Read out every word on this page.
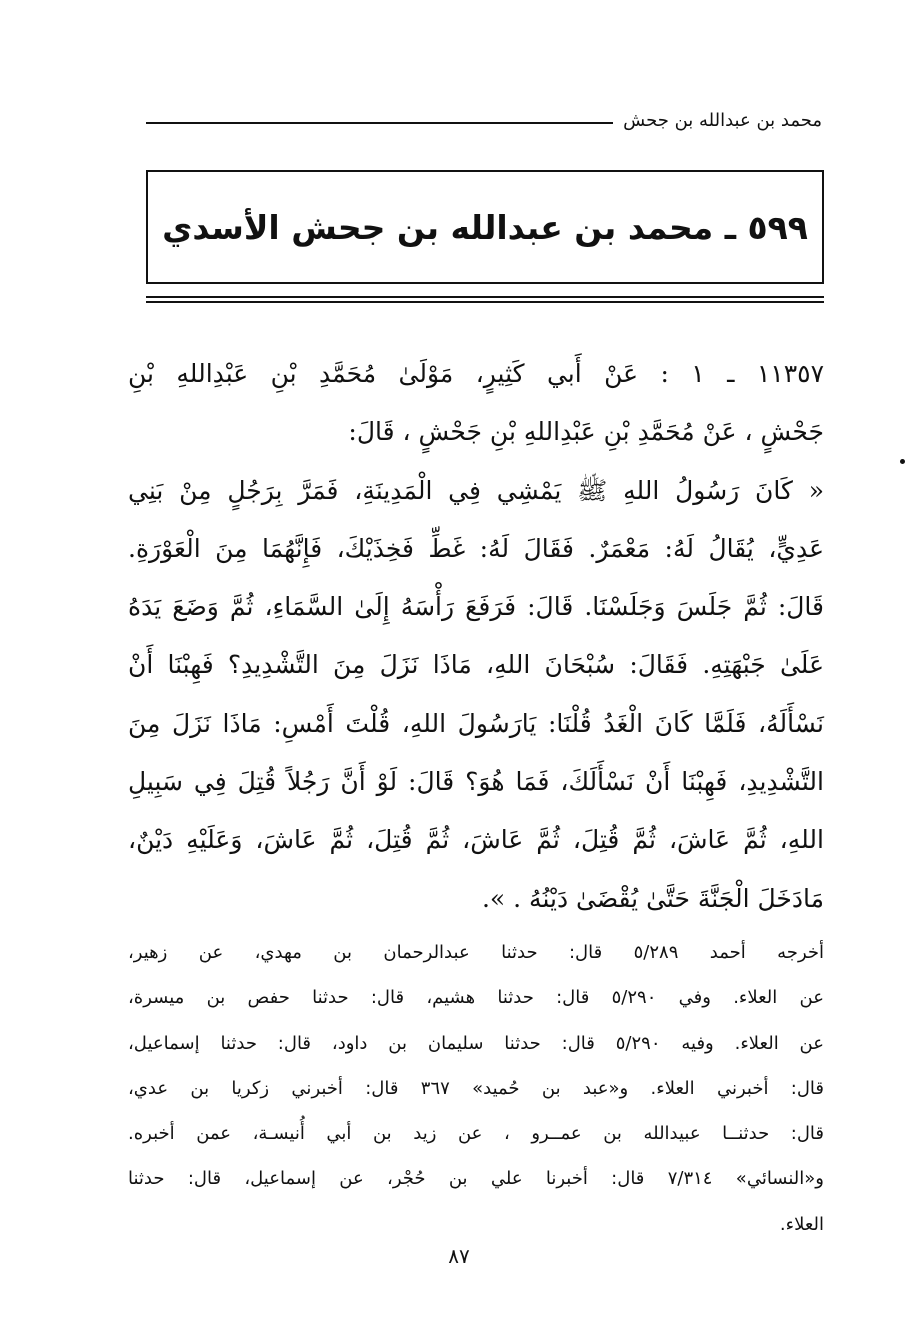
محمد بن عبدالله بن جحش
٥٩٩ ـ محمد بن عبدالله بن جحش الأسدي
١١٣٥٧ ـ ١ : عَنْ أَبي كَثِيرٍ، مَوْلَىٰ مُحَمَّدِ بْنِ عَبْدِاللهِ بْنِ
جَحْشٍ ، عَنْ مُحَمَّدِ بْنِ عَبْدِاللهِ بْنِ جَحْشٍ ، قَالَ:
« كَانَ رَسُولُ اللهِ ﷺ يَمْشِي فِي الْمَدِينَةِ، فَمَرَّ بِرَجُلٍ مِنْ بَنِي
عَدِيٍّ، يُقَالُ لَهُ: مَعْمَرٌ. فَقَالَ لَهُ: غَطِّ فَخِذَيْكَ، فَإِنَّهُمَا مِنَ الْعَوْرَةِ.
قَالَ: ثُمَّ جَلَسَ وَجَلَسْنَا. قَالَ: فَرَفَعَ رَأْسَهُ إِلَىٰ السَّمَاءِ، ثُمَّ وَضَعَ يَدَهُ
عَلَىٰ جَبْهَتِهِ. فَقَالَ: سُبْحَانَ اللهِ، مَاذَا نَزَلَ مِنَ التَّشْدِيدِ؟ فَهِبْنَا أَنْ
نَسْأَلَهُ، فَلَمَّا كَانَ الْغَدُ قُلْنَا: يَارَسُولَ اللهِ، قُلْتَ أَمْسِ: مَاذَا نَزَلَ مِنَ
التَّشْدِيدِ، فَهِبْنَا أَنْ نَسْأَلَكَ، فَمَا هُوَ؟ قَالَ: لَوْ أَنَّ رَجُلاً قُتِلَ فِي سَبِيلِ
اللهِ، ثُمَّ عَاشَ، ثُمَّ قُتِلَ، ثُمَّ عَاشَ، ثُمَّ قُتِلَ، ثُمَّ عَاشَ، وَعَلَيْهِ دَيْنٌ،
مَادَخَلَ الْجَنَّةَ حَتَّىٰ يُقْضَىٰ دَيْنُهُ . ».
أخرجه أحمد ٥/٢٨٩ قال: حدثنا عبدالرحمان بن مهدي، عن زهير،
عن العلاء. وفي ٥/٢٩٠ قال: حدثنا هشيم، قال: حدثنا حفص بن ميسرة،
عن العلاء. وفيه ٥/٢٩٠ قال: حدثنا سليمان بن داود، قال: حدثنا إسماعيل،
قال: أخبرني العلاء. و«عبد بن حُميد» ٣٦٧ قال: أخبرني زكريا بن عدي،
قال: حدثنــا عبيدالله بن عمــرو ، عن زيد بن أبي أُنيسـة، عمن أخبره.
و«النسائي» ٧/٣١٤ قال: أخبرنا علي بن حُجْر، عن إسماعيل، قال: حدثنا
العلاء.
٨٧
